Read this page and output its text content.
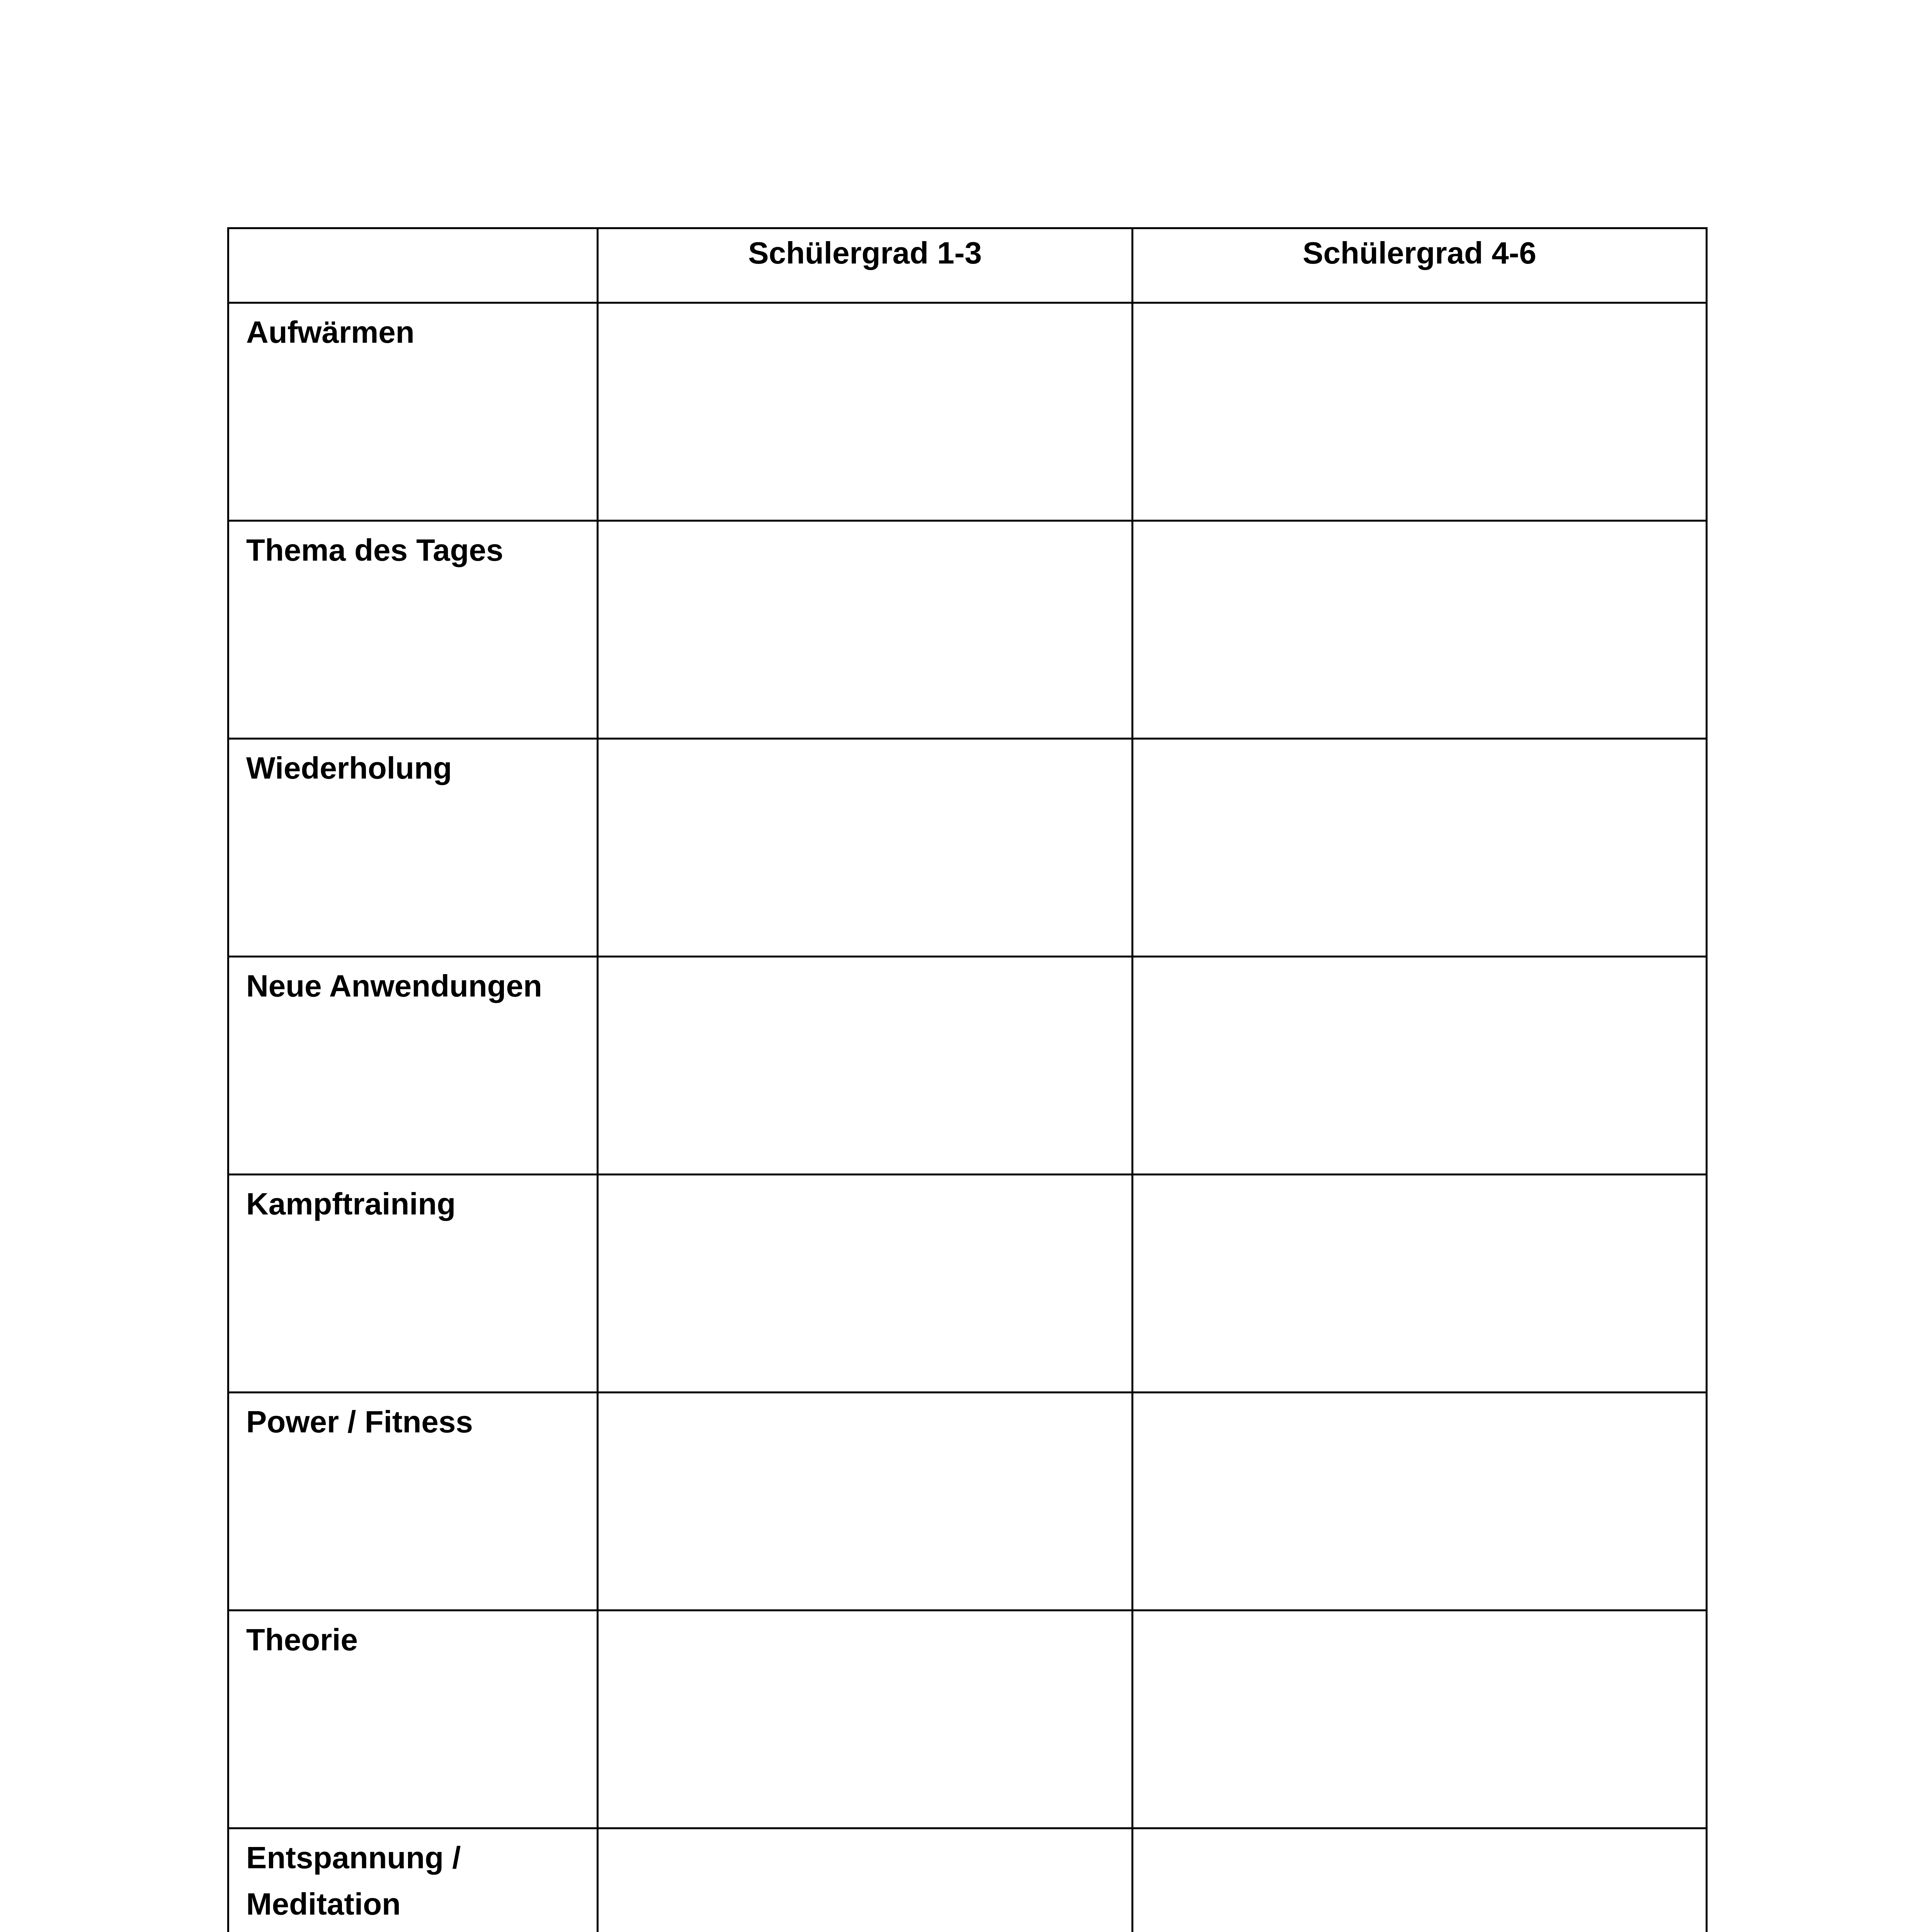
	Schülergrad 1-3	Schülergrad 4-6
Aufwärmen		
Thema des Tages		
Wiederholung		
Neue Anwendungen		
Kampftraining		
Power / Fitness		
Theorie		
Entspannung / Meditation		
